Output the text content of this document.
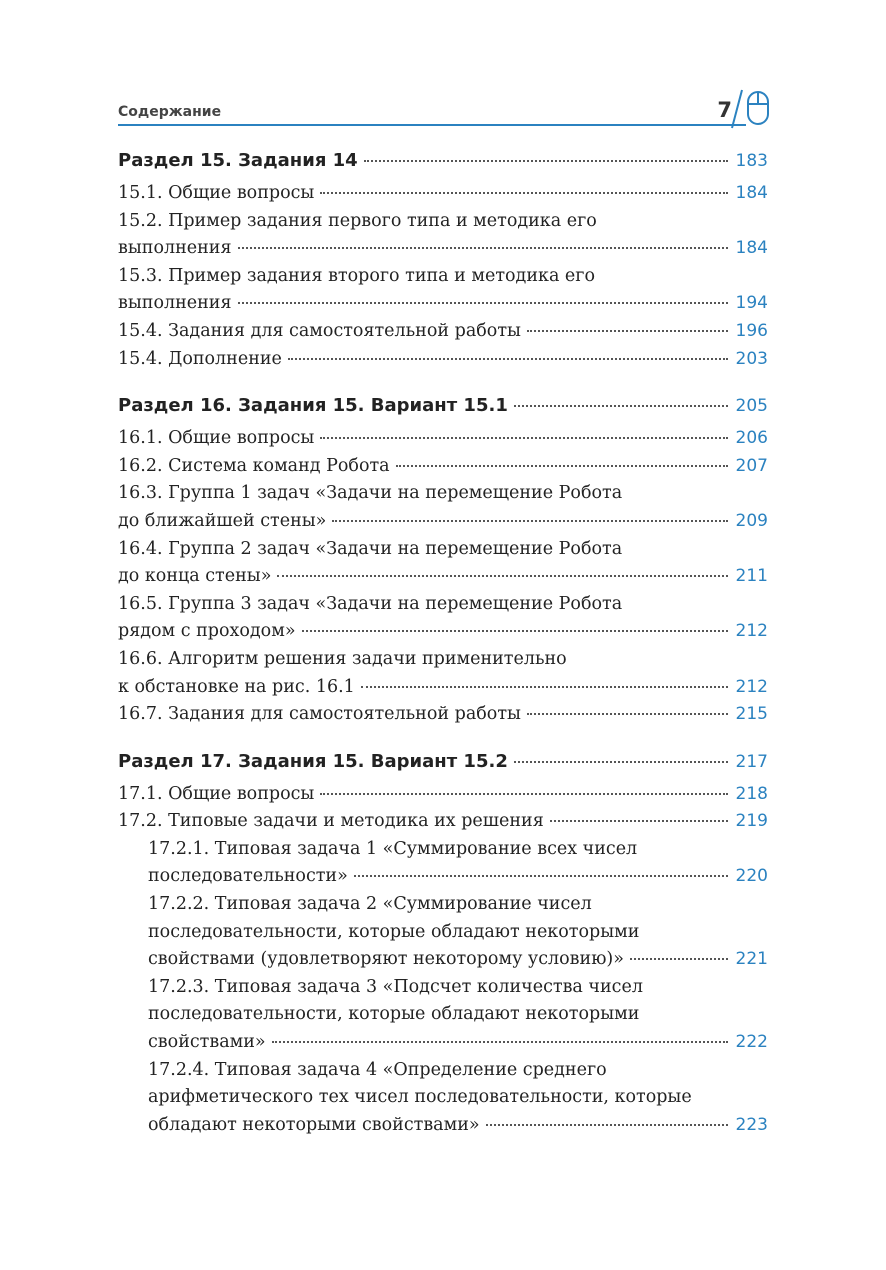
Содержание	7
Раздел 15. Задания 14	183
15.1. Общие вопросы	184
15.2. Пример задания первого типа и методика его
выполнения	184
15.3. Пример задания второго типа и методика его
выполнения	194
15.4. Задания для самостоятельной работы	196
15.4. Дополнение	203
Раздел 16. Задания 15. Вариант 15.1	205
16.1. Общие вопросы	206
16.2. Система команд Робота	207
16.3. Группа 1 задач «Задачи на перемещение Робота
до ближайшей стены»	209
16.4. Группа 2 задач «Задачи на перемещение Робота
до конца стены»	211
16.5. Группа 3 задач «Задачи на перемещение Робота
рядом с проходом»	212
16.6. Алгоритм решения задачи применительно
к обстановке на рис. 16.1	212
16.7. Задания для самостоятельной работы	215
Раздел 17. Задания 15. Вариант 15.2	217
17.1. Общие вопросы	218
17.2. Типовые задачи и методика их решения	219
17.2.1. Типовая задача 1 «Суммирование всех чисел
последовательности»	220
17.2.2. Типовая задача 2 «Суммирование чисел
последовательности, которые обладают некоторыми
свойствами (удовлетворяют некоторому условию)»	221
17.2.3. Типовая задача 3 «Подсчет количества чисел
последовательности, которые обладают некоторыми
свойствами»	222
17.2.4. Типовая задача 4 «Определение среднего
арифметического тех чисел последовательности, которые
обладают некоторыми свойствами»	223
